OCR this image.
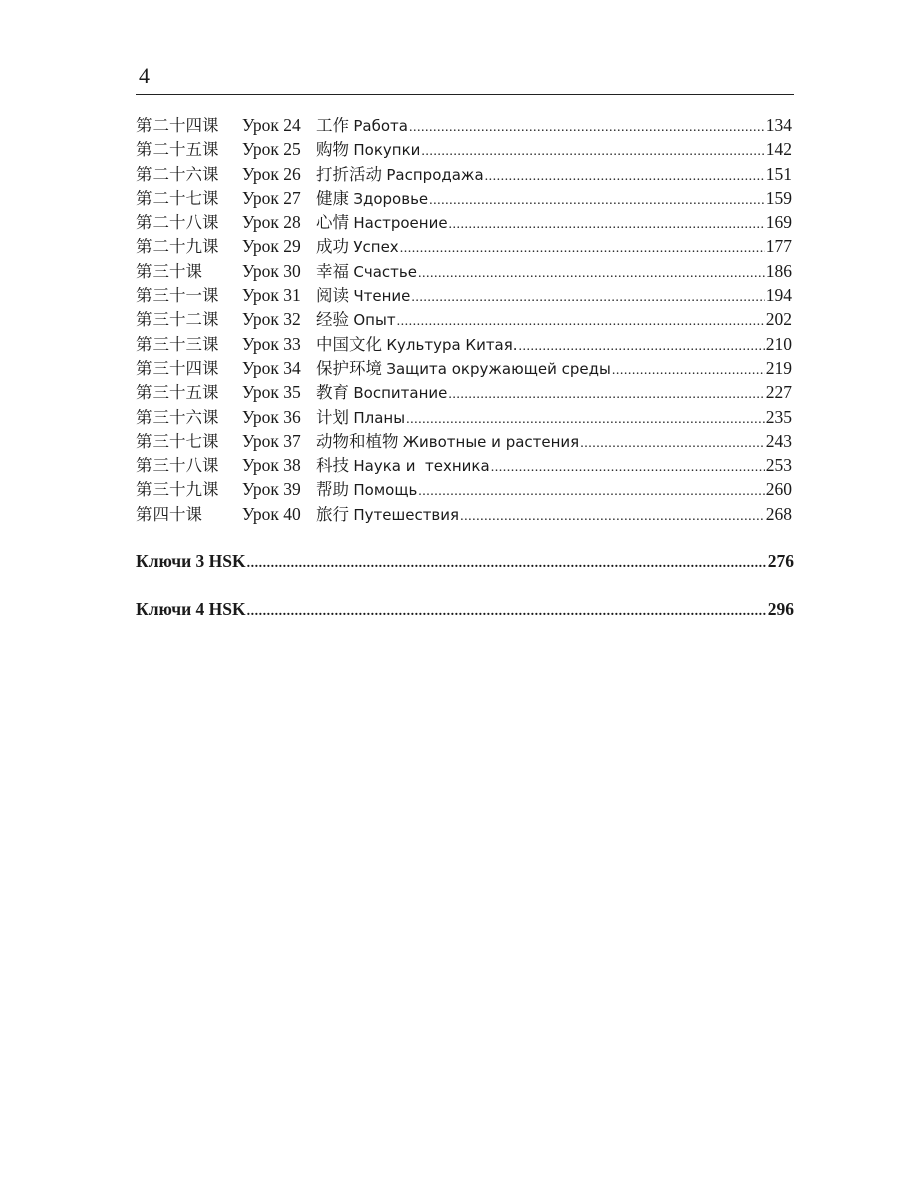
4
第二十四课	Урок 24 工作 Работа .....	134
第二十五课	Урок 25 购物 Покупки .....	142
第二十六课	Урок 26 打折活动 Распродажа .....	151
第二十七课	Урок 27 健康 Здоровье .....	159
第二十八课	Урок 28 心情 Настроение .....	169
第二十九课	Урок 29 成功 Успех .....	177
第三十课	Урок 30 幸福 Счастье .....	186
第三十一课	Урок 31 阅读 Чтение .....	194
第三十二课	Урок 32 经验 Опыт .....	202
第三十三课	Урок 33 中国文化 Культура Китая. .....	210
第三十四课	Урок 34 保护环境 Защита окружающей среды .....	219
第三十五课	Урок 35 教育 Воспитание .....	227
第三十六课	Урок 36 计划 Планы .....	235
第三十七课	Урок 37 动物和植物 Животные и растения .....	243
第三十八课	Урок 38 科技 Наука и  техника .....	253
第三十九课	Урок 39 帮助 Помощь .....	260
第四十课	Урок 40 旅行 Путешествия .....	268
Ключи 3 HSK .....	276
Ключи 4 HSK .....	296
